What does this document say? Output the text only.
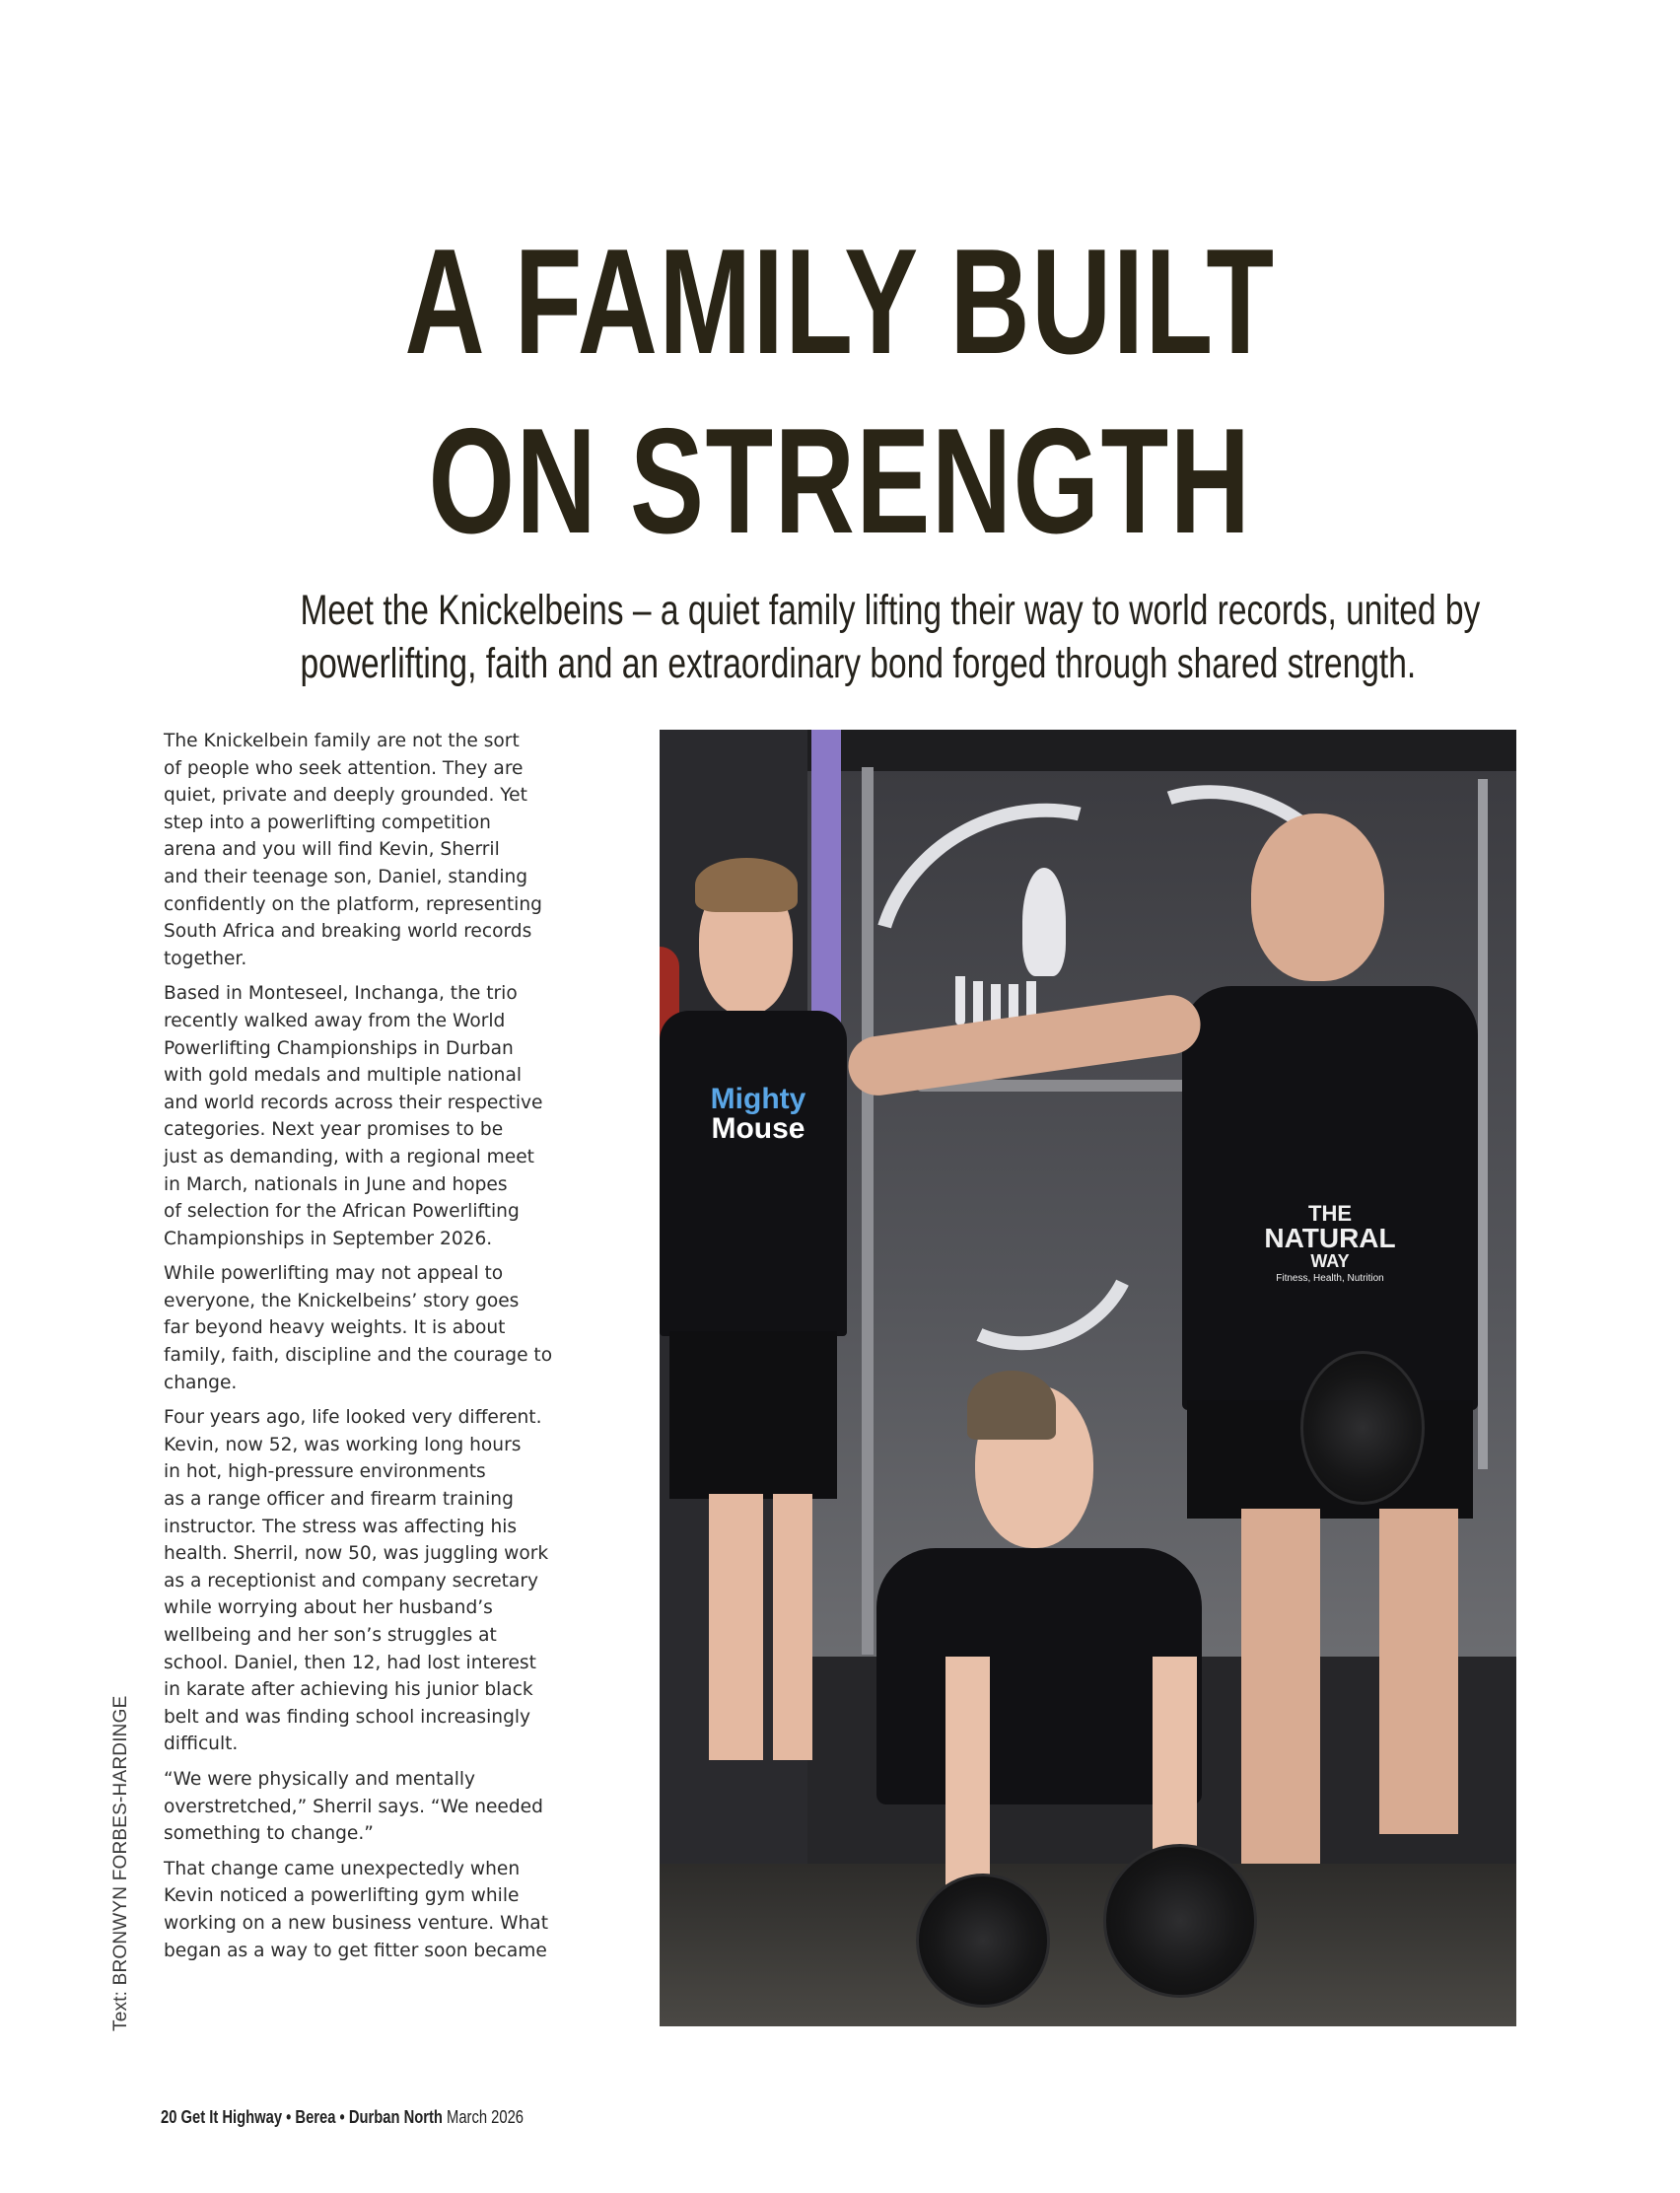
A FAMILY BUILT
ON STRENGTH

Meet the Knickelbeins – a quiet family lifting their way to world records, united by
powerlifting, faith and an extraordinary bond forged through shared strength.

The Knickelbein family are not the sort
of people who seek attention. They are
quiet, private and deeply grounded. Yet
step into a powerlifting competition
arena and you will find Kevin, Sherril
and their teenage son, Daniel, standing
confidently on the platform, representing
South Africa and breaking world records
together.

Based in Monteseel, Inchanga, the trio
recently walked away from the World
Powerlifting Championships in Durban
with gold medals and multiple national
and world records across their respective
categories. Next year promises to be
just as demanding, with a regional meet
in March, nationals in June and hopes
of selection for the African Powerlifting
Championships in September 2026.

While powerlifting may not appeal to
everyone, the Knickelbeins’ story goes
far beyond heavy weights. It is about
family, faith, discipline and the courage to
change.

Four years ago, life looked very different.
Kevin, now 52, was working long hours
in hot, high-pressure environments
as a range officer and firearm training
instructor. The stress was affecting his
health. Sherril, now 50, was juggling work
as a receptionist and company secretary
while worrying about her husband’s
wellbeing and her son’s struggles at
school. Daniel, then 12, had lost interest
in karate after achieving his junior black
belt and was finding school increasingly
difficult.

“We were physically and mentally
overstretched,” Sherril says. “We needed
something to change.”

That change came unexpectedly when
Kevin noticed a powerlifting gym while
working on a new business venture. What
began as a way to get fitter soon became

Text: BRONWYN FORBES-HARDINGE
Mighty
Mouse
THE
NATURAL
WAY
Fitness, Health, Nutrition
20 Get It Highway • Berea • Durban North March 2026
